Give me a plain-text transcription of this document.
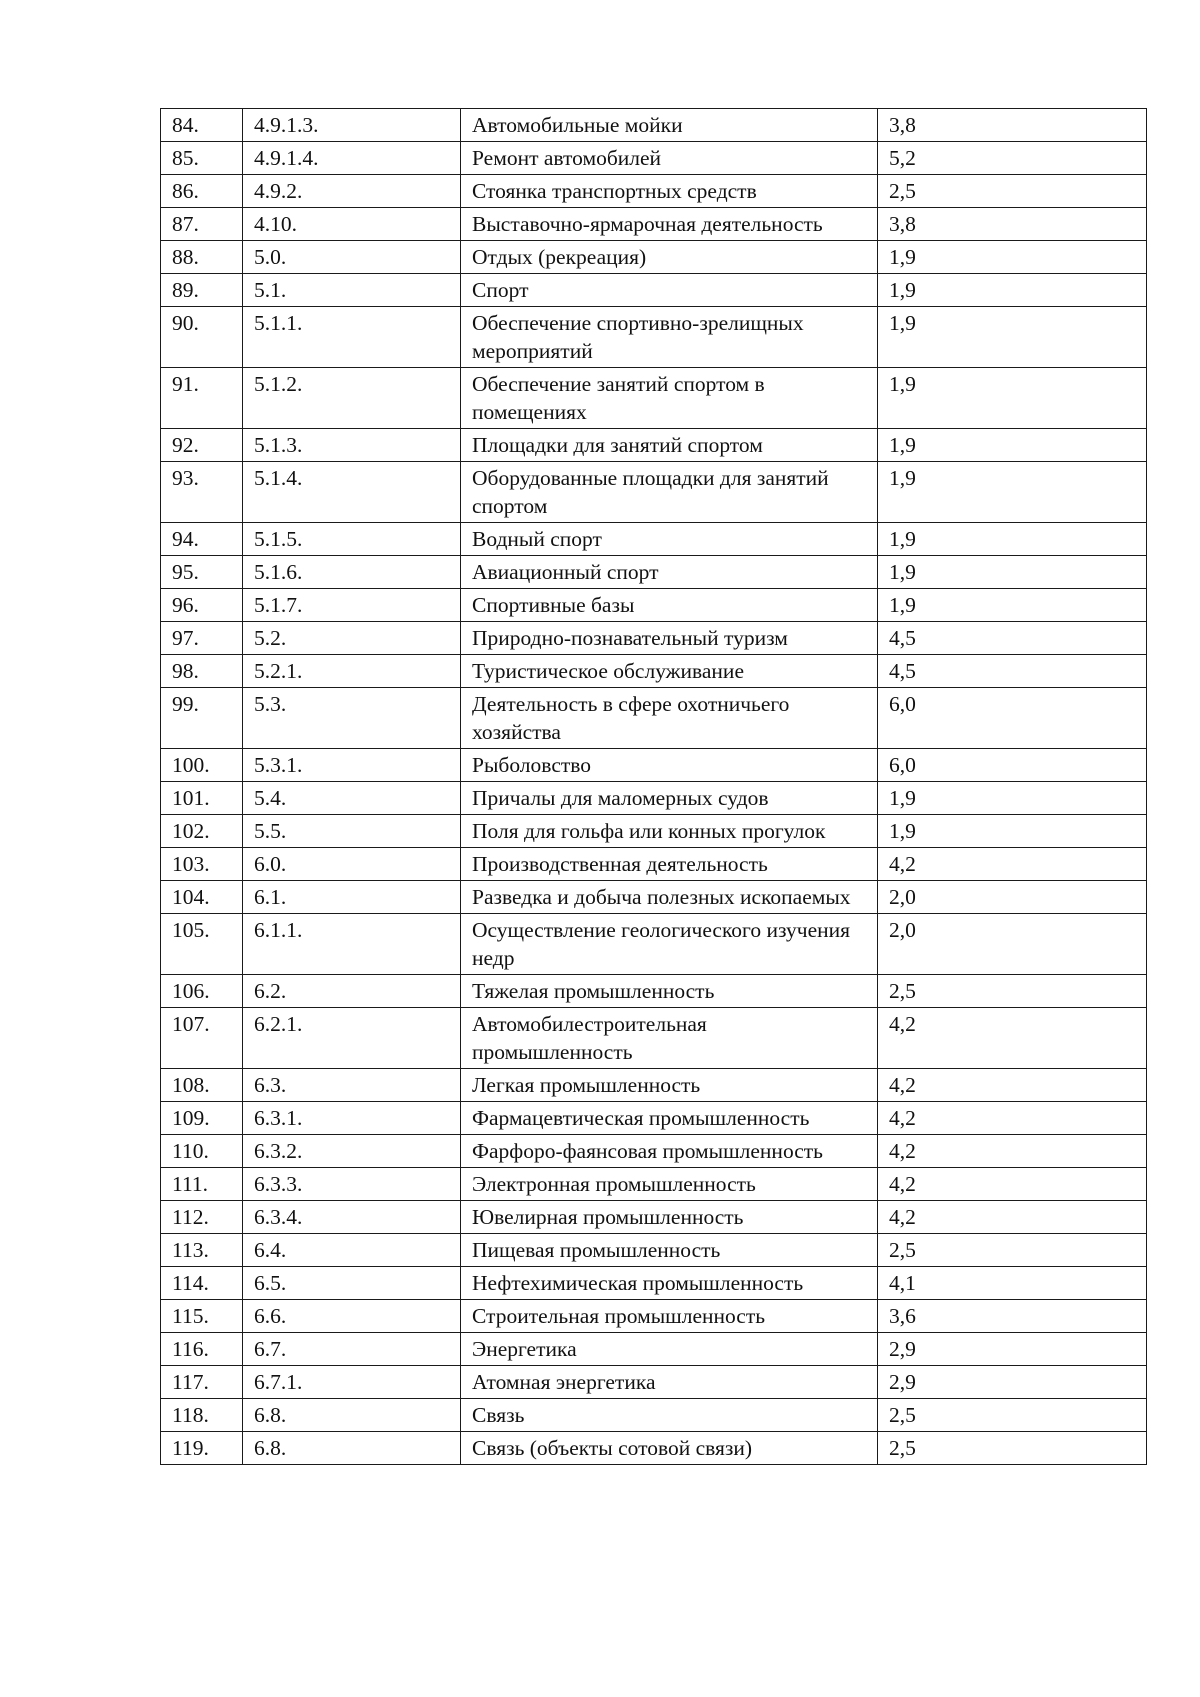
84.	4.9.1.3.	Автомобильные мойки	3,8
85.	4.9.1.4.	Ремонт автомобилей	5,2
86.	4.9.2.	Стоянка транспортных средств	2,5
87.	4.10.	Выставочно-ярмарочная деятельность	3,8
88.	5.0.	Отдых (рекреация)	1,9
89.	5.1.	Спорт	1,9
90.	5.1.1.	Обеспечение спортивно-зрелищных мероприятий	1,9
91.	5.1.2.	Обеспечение занятий спортом в помещениях	1,9
92.	5.1.3.	Площадки для занятий спортом	1,9
93.	5.1.4.	Оборудованные площадки для занятий спортом	1,9
94.	5.1.5.	Водный спорт	1,9
95.	5.1.6.	Авиационный спорт	1,9
96.	5.1.7.	Спортивные базы	1,9
97.	5.2.	Природно-познавательный туризм	4,5
98.	5.2.1.	Туристическое обслуживание	4,5
99.	5.3.	Деятельность в сфере охотничьего хозяйства	6,0
100.	5.3.1.	Рыболовство	6,0
101.	5.4.	Причалы для маломерных судов	1,9
102.	5.5.	Поля для гольфа или конных прогулок	1,9
103.	6.0.	Производственная деятельность	4,2
104.	6.1.	Разведка и добыча полезных ископаемых	2,0
105.	6.1.1.	Осуществление геологического изучения недр	2,0
106.	6.2.	Тяжелая промышленность	2,5
107.	6.2.1.	Автомобилестроительная промышленность	4,2
108.	6.3.	Легкая промышленность	4,2
109.	6.3.1.	Фармацевтическая промышленность	4,2
110.	6.3.2.	Фарфоро-фаянсовая промышленность	4,2
111.	6.3.3.	Электронная промышленность	4,2
112.	6.3.4.	Ювелирная промышленность	4,2
113.	6.4.	Пищевая промышленность	2,5
114.	6.5.	Нефтехимическая промышленность	4,1
115.	6.6.	Строительная промышленность	3,6
116.	6.7.	Энергетика	2,9
117.	6.7.1.	Атомная энергетика	2,9
118.	6.8.	Связь	2,5
119.	6.8.	Связь (объекты сотовой связи)	2,5
